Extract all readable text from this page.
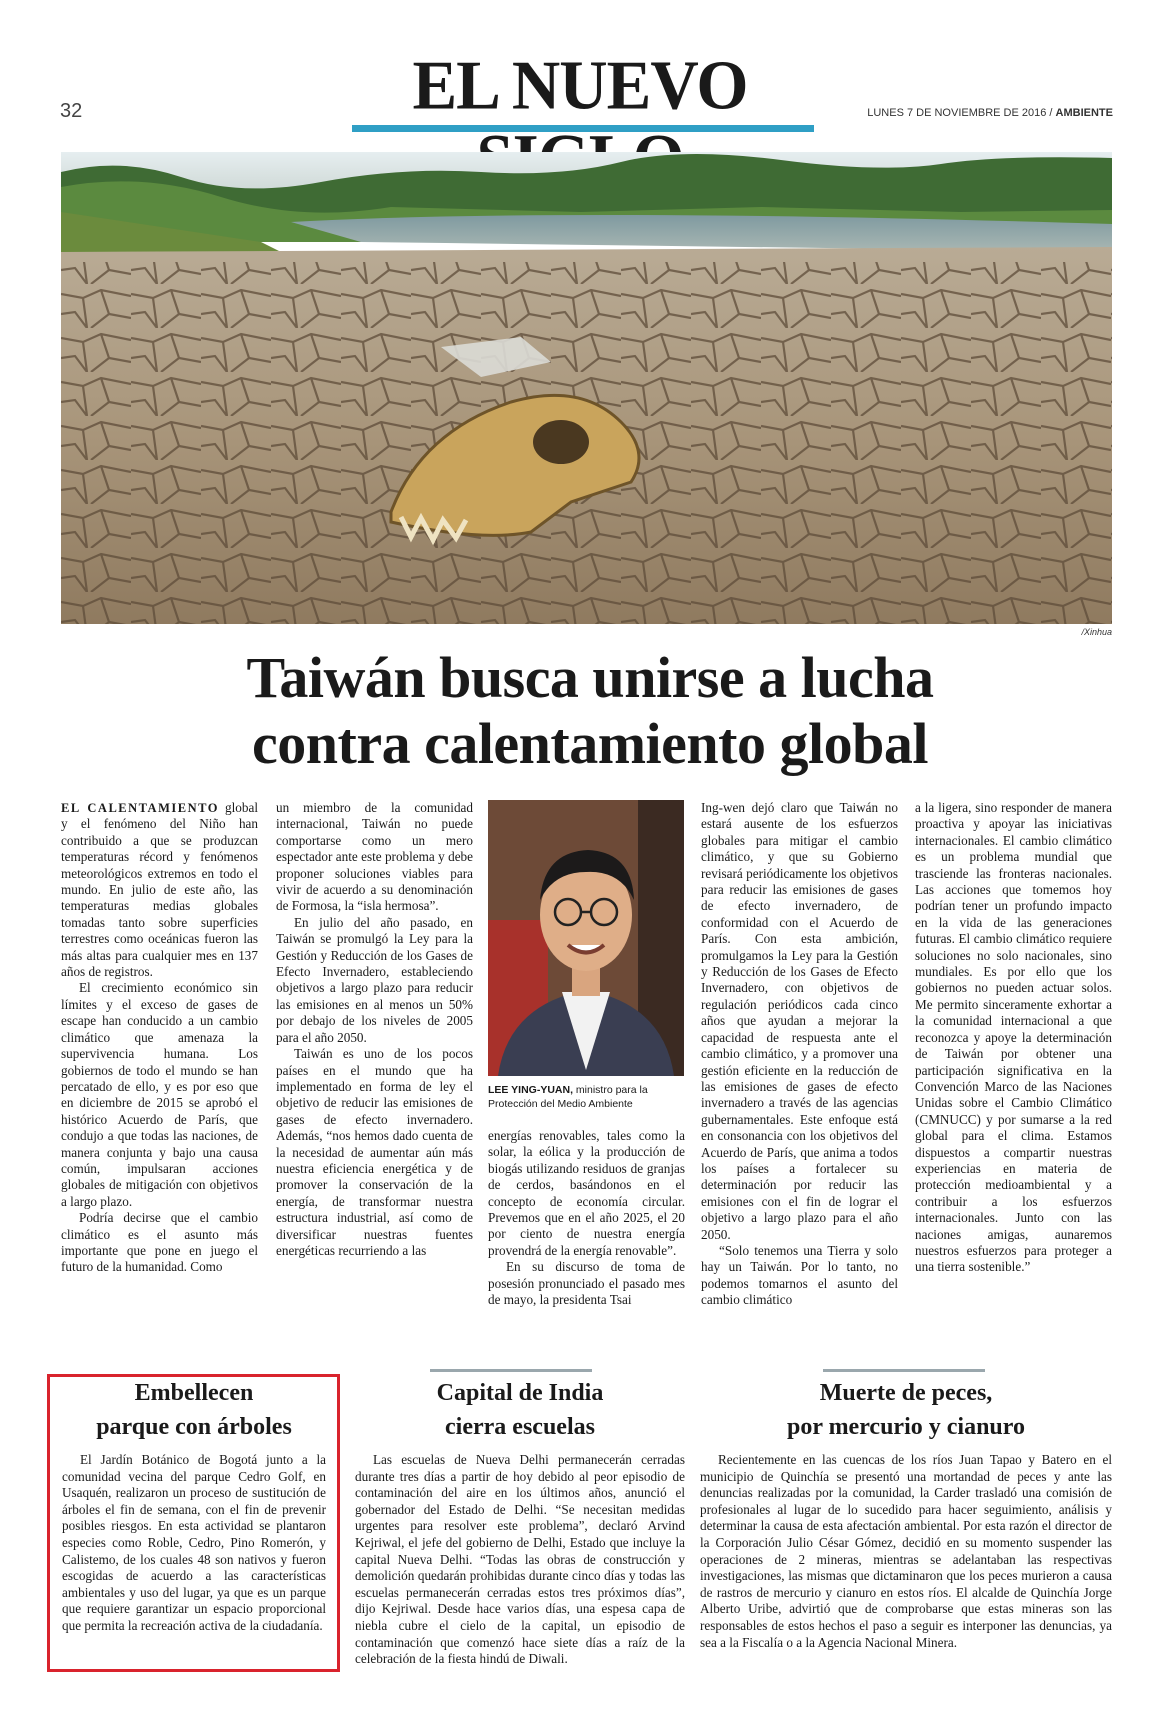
32	EL NUEVO	LUNES 7 DE NOVIEMBRE DE 2016 / AMBIENTE
/Xinhua
Taiwán busca unirse a lucha
contra calentamiento global

EL CALENTAMIENTO global y el fenómeno del Niño han contribuido a que se produzcan temperaturas récord y fenómenos meteorológicos extremos en todo el mundo. En julio de este año, las temperaturas medias globales tomadas tanto sobre superficies terrestres como oceánicas fueron las más altas para cualquier mes en 137 años de registros.

El crecimiento económico sin límites y el exceso de gases de escape han conducido a un cambio climático que amenaza la supervivencia humana. Los gobiernos de todo el mundo se han percatado de ello, y es por eso que en diciembre de 2015 se aprobó el histórico Acuerdo de París, que condujo a que todas las naciones, de manera conjunta y bajo una causa común, impulsaran acciones globales de mitigación con objetivos a largo plazo.

Podría decirse que el cambio climático es el asunto más importante que pone en juego el futuro de la humanidad. Como

un miembro de la comunidad internacional, Taiwán no puede comportarse como un mero espectador ante este problema y debe proponer soluciones viables para vivir de acuerdo a su denominación de Formosa, la “isla hermosa”.

En julio del año pasado, en Taiwán se promulgó la Ley para la Gestión y Reducción de los Gases de Efecto Invernadero, estableciendo objetivos a largo plazo para reducir las emisiones en al menos un 50% por debajo de los niveles de 2005 para el año 2050.

Taiwán es uno de los pocos países en el mundo que ha implementado en forma de ley el objetivo de reducir las emisiones de gases de efecto invernadero. Además, “nos hemos dado cuenta de la necesidad de aumentar aún más nuestra eficiencia energética y de promover la conservación de la energía, de transformar nuestra estructura industrial, así como de diversificar nuestras fuentes energéticas recurriendo a las

LEE YING-YUAN, ministro para la Protección del Medio Ambiente

energías renovables, tales como la solar, la eólica y la producción de biogás utilizando residuos de granjas de cerdos, basándonos en el concepto de economía circular. Prevemos que en el año 2025, el 20 por ciento de nuestra energía provendrá de la energía renovable”.

En su discurso de toma de posesión pronunciado el pasado mes de mayo, la presidenta Tsai

Ing-wen dejó claro que Taiwán no estará ausente de los esfuerzos globales para mitigar el cambio climático, y que su Gobierno revisará periódicamente los objetivos para reducir las emisiones de gases de efecto invernadero, de conformidad con el Acuerdo de París. Con esta ambición, promulgamos la Ley para la Gestión y Reducción de los Gases de Efecto Invernadero, con objetivos de regulación periódicos cada cinco años que ayudan a mejorar la capacidad de respuesta ante el cambio climático, y a promover una gestión eficiente en la reducción de las emisiones de gases de efecto invernadero a través de las agencias gubernamentales. Este enfoque está en consonancia con los objetivos del Acuerdo de París, que anima a todos los países a fortalecer su determinación por reducir las emisiones con el fin de lograr el objetivo a largo plazo para el año 2050.

“Solo tenemos una Tierra y solo hay un Taiwán. Por lo tanto, no podemos tomarnos el asunto del cambio climático

a la ligera, sino responder de manera proactiva y apoyar las iniciativas internacionales. El cambio climático es un problema mundial que trasciende las fronteras nacionales. Las acciones que tomemos hoy podrían tener un profundo impacto en la vida de las generaciones futuras. El cambio climático requiere soluciones no solo nacionales, sino mundiales. Es por ello que los gobiernos no pueden actuar solos. Me permito sinceramente exhortar a la comunidad internacional a que reconozca y apoye la determinación de Taiwán por obtener una participación significativa en la Convención Marco de las Naciones Unidas sobre el Cambio Climático (CMNUCC) y por sumarse a la red global para el clima. Estamos dispuestos a compartir nuestras experiencias en materia de protección medioambiental y a contribuir a los esfuerzos internacionales. Junto con las naciones amigas, aunaremos nuestros esfuerzos para proteger a una tierra sostenible.”

Embellecen
parque con árboles
El Jardín Botánico de Bogotá junto a la comunidad vecina del parque Cedro Golf, en Usaquén, realizaron un proceso de sustitución de árboles el fin de semana, con el fin de prevenir posibles riesgos. En esta actividad se plantaron especies como Roble, Cedro, Pino Romerón, y Calistemo, de los cuales 48 son nativos y fueron escogidas de acuerdo a las características ambientales y uso del lugar, ya que es un parque que requiere garantizar un espacio proporcional que permita la recreación activa de la ciudadanía.
Capital de India
cierra escuelas
Las escuelas de Nueva Delhi permanecerán cerradas durante tres días a partir de hoy debido al peor episodio de contaminación del aire en los últimos años, anunció el gobernador del Estado de Delhi. “Se necesitan medidas urgentes para resolver este problema”, declaró Arvind Kejriwal, el jefe del gobierno de Delhi, Estado que incluye la capital Nueva Delhi. “Todas las obras de construcción y demolición quedarán prohibidas durante cinco días y todas las escuelas permanecerán cerradas estos tres próximos días”, dijo Kejriwal. Desde hace varios días, una espesa capa de niebla cubre el cielo de la capital, un episodio de contaminación que comenzó hace siete días a raíz de la celebración de la fiesta hindú de Diwali.
Muerte de peces,
por mercurio y cianuro
Recientemente en las cuencas de los ríos Juan Tapao y Batero en el municipio de Quinchía se presentó una mortandad de peces y ante las denuncias realizadas por la comunidad, la Carder trasladó una comisión de profesionales al lugar de lo sucedido para hacer seguimiento, análisis y determinar la causa de esta afectación ambiental. Por esta razón el director de la Corporación Julio César Gómez, decidió en su momento suspender las operaciones de 2 mineras, mientras se adelantaban las respectivas investigaciones, las mismas que dictaminaron que los peces murieron a causa de rastros de mercurio y cianuro en estos ríos. El alcalde de Quinchía Jorge Alberto Uribe, advirtió que de comprobarse que estas mineras son las responsables de estos hechos el paso a seguir es interponer las denuncias, ya sea a la Fiscalía o a la Agencia Nacional Minera.
